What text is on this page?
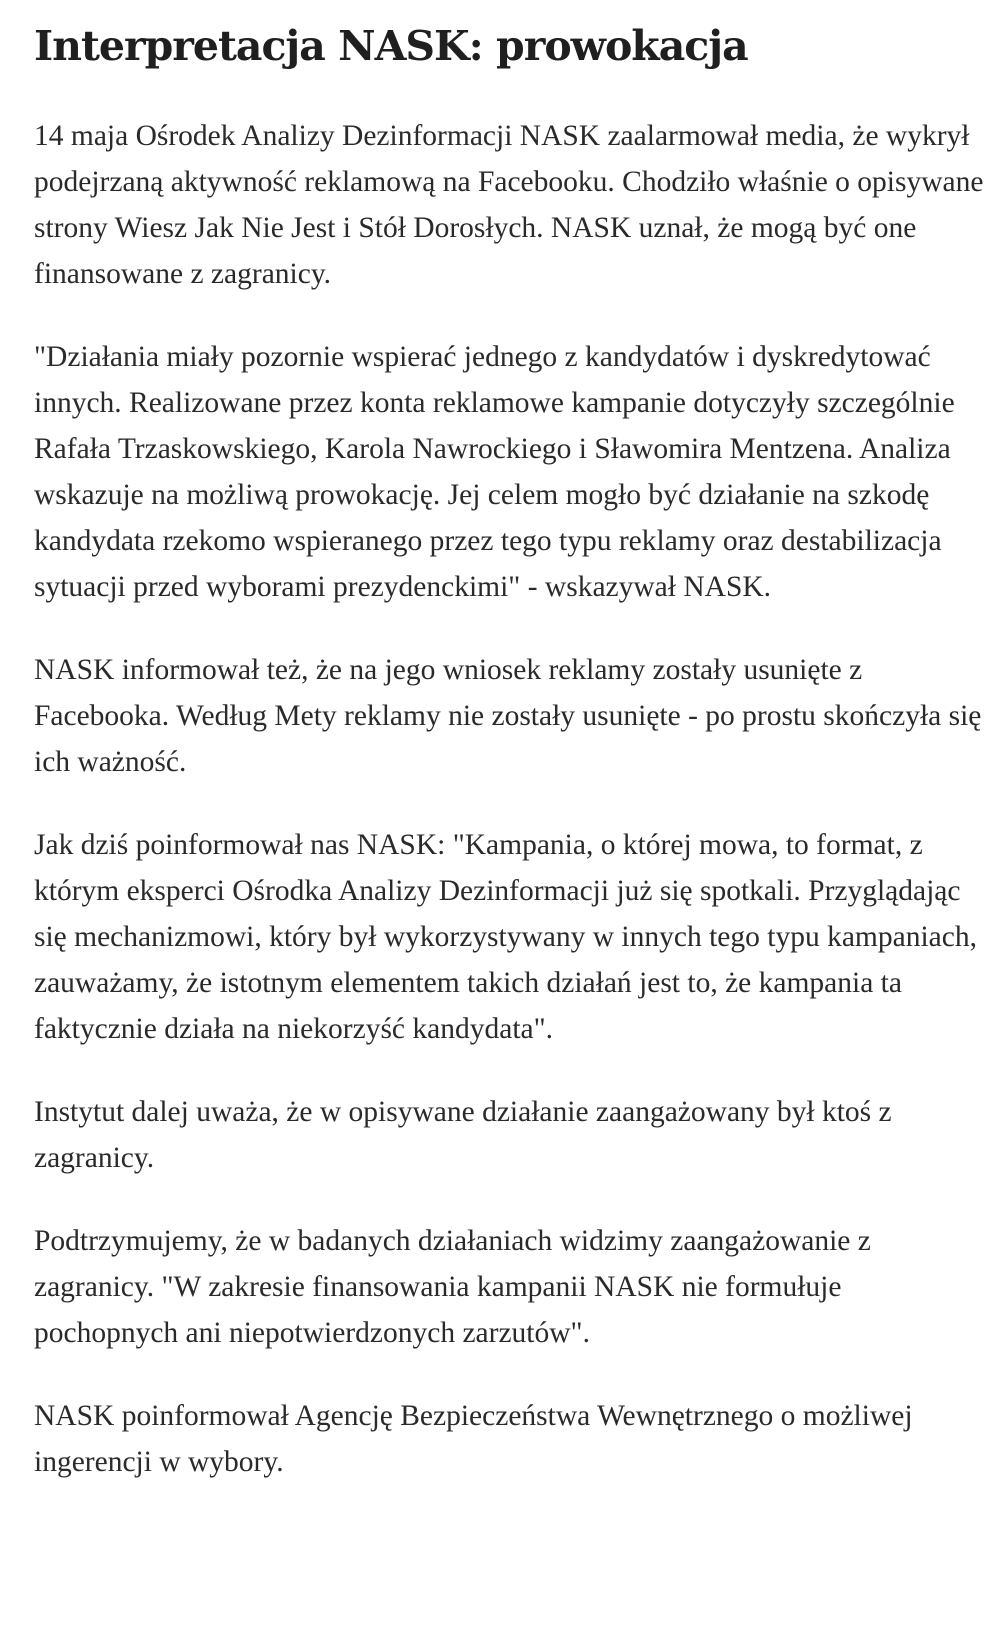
Interpretacja NASK: prowokacja

14 maja Ośrodek Analizy Dezinformacji NASK zaalarmował media, że wykrył podejrzaną aktywność reklamową na Facebooku. Chodziło właśnie o opisywane strony Wiesz Jak Nie Jest i Stół Dorosłych. NASK uznał, że mogą być one finansowane z zagranicy.

"Działania miały pozornie wspierać jednego z kandydatów i dyskredytować innych. Realizowane przez konta reklamowe kampanie dotyczyły szczególnie Rafała Trzaskowskiego, Karola Nawrockiego i Sławomira Mentzena. Analiza wskazuje na możliwą prowokację. Jej celem mogło być działanie na szkodę kandydata rzekomo wspieranego przez tego typu reklamy oraz destabilizacja sytuacji przed wyborami prezydenckimi" - wskazywał NASK.

NASK informował też, że na jego wniosek reklamy zostały usunięte z Facebooka. Według Mety reklamy nie zostały usunięte - po prostu skończyła się ich ważność.

Jak dziś poinformował nas NASK: "Kampania, o której mowa, to format, z którym eksperci Ośrodka Analizy Dezinformacji już się spotkali. Przyglądając się mechanizmowi, który był wykorzystywany w innych tego typu kampaniach, zauważamy, że istotnym elementem takich działań jest to, że kampania ta faktycznie działa na niekorzyść kandydata".

Instytut dalej uważa, że w opisywane działanie zaangażowany był ktoś z zagranicy.

Podtrzymujemy, że w badanych działaniach widzimy zaangażowanie z zagranicy. "W zakresie finansowania kampanii NASK nie formułuje pochopnych ani niepotwierdzonych zarzutów".

NASK poinformował Agencję Bezpieczeństwa Wewnętrznego o możliwej ingerencji w wybory.
